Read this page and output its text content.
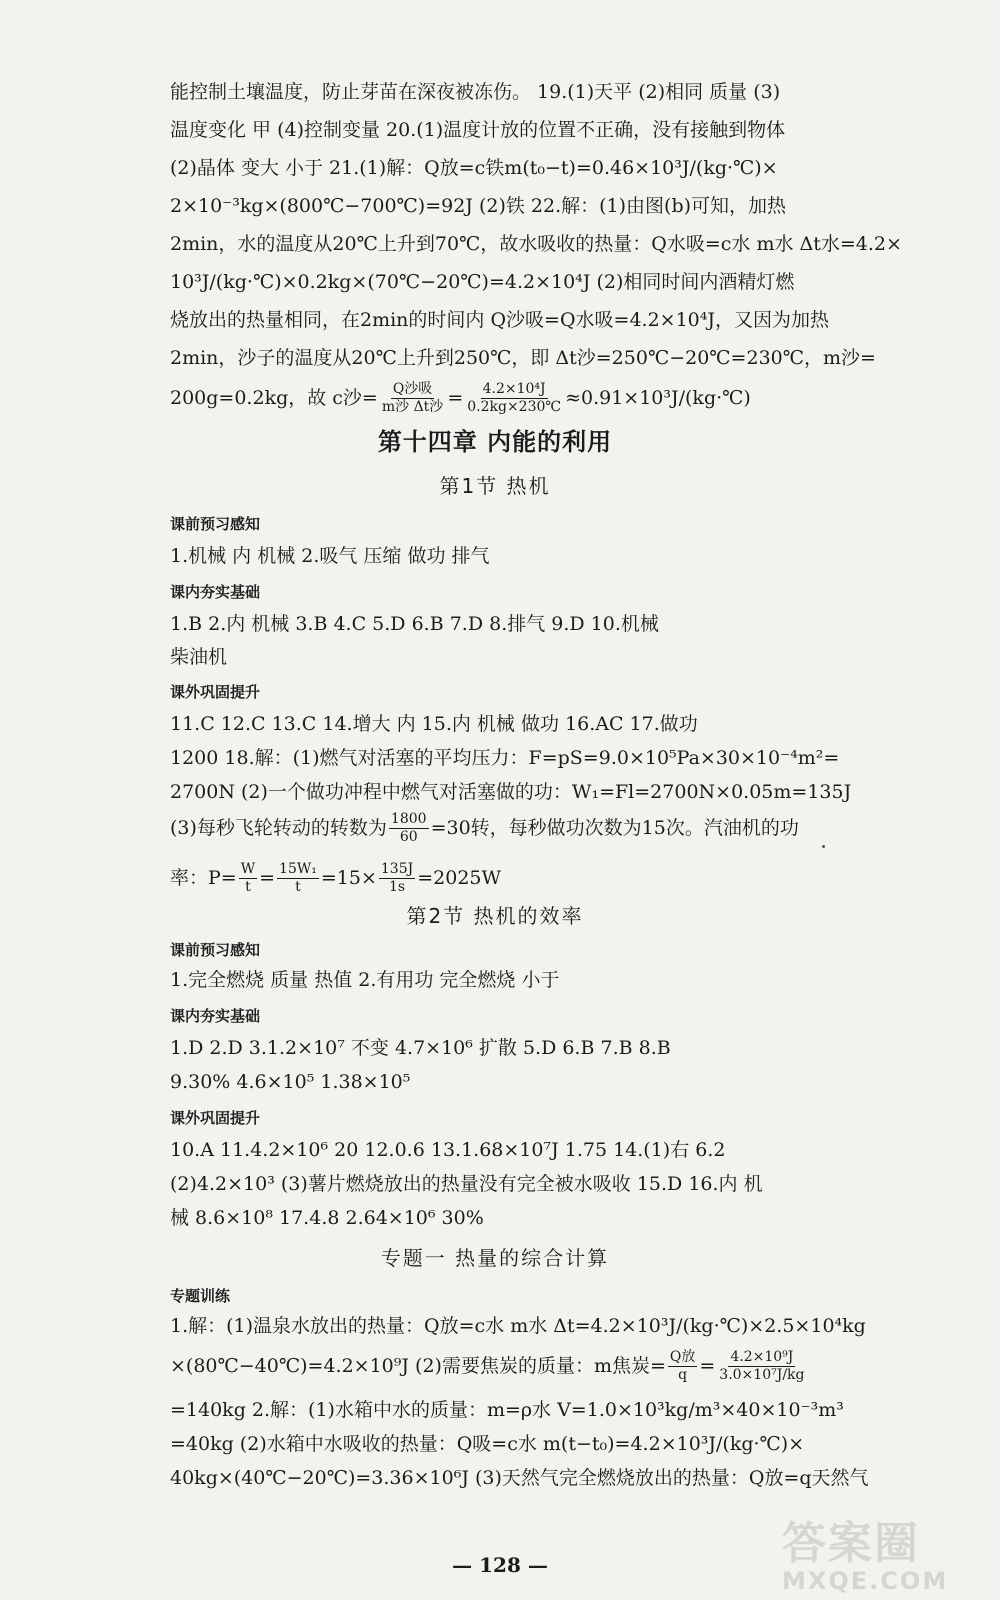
能控制土壤温度，防止芽苗在深夜被冻伤。 19.(1)天平 (2)相同 质量 (3)
温度变化 甲 (4)控制变量 20.(1)温度计放的位置不正确，没有接触到物体
(2)晶体 变大 小于 21.(1)解：Q放=c铁m(t₀−t)=0.46×10³J/(kg·℃)×
2×10⁻³kg×(800℃−700℃)=92J (2)铁 22.解：(1)由图(b)可知，加热
2min，水的温度从20℃上升到70℃，故水吸收的热量：Q水吸=c水 m水 Δt水=4.2×
10³J/(kg·℃)×0.2kg×(70℃−20℃)=4.2×10⁴J (2)相同时间内酒精灯燃
烧放出的热量相同，在2min的时间内 Q沙吸=Q水吸=4.2×10⁴J，又因为加热
2min，沙子的温度从20℃上升到250℃，即 Δt沙=250℃−20℃=230℃，m沙=
200g=0.2kg，故 c沙= $\frac{\text{Q沙吸}}{\text{m沙 Δt沙}} = \frac{\text{4.2×10⁴J}}{0.2kg\times 230℃}$ ≈0.91×10³J/(kg·℃)
第十四章 内能的利用
第1节 热机
课前预习感知
1.机械 内 机械 2.吸气 压缩 做功 排气
课内夯实基础
1.B 2.内 机械 3.B 4.C 5.D 6.B 7.D 8.排气 9.D 10.机械
柴油机
课外巩固提升
11.C 12.C 13.C 14.增大 内 15.内 机械 做功 16.AC 17.做功
1200 18.解：(1)燃气对活塞的平均压力：F=pS=9.0×10⁵Pa×30×10⁻⁴m²=
2700N (2)一个做功冲程中燃气对活塞做的功：W₁=Fl=2700N×0.05m=135J
(3)每秒飞轮转动的转数为 $\frac{1800}{60} =30$转，每秒做功次数为15次。汽油机的功
率：$P= \frac{W}{t} = \frac{\text{15W₁}}{t} =15\times \frac{135J}{1s} =2025W$
第2节 热机的效率
课前预习感知
1.完全燃烧 质量 热值 2.有用功 完全燃烧 小于
课内夯实基础
1.D 2.D 3.1.2×10⁷ 不变 4.7×10⁶ 扩散 5.D 6.B 7.B 8.B
9.30% 4.6×10⁵ 1.38×10⁵
课外巩固提升
10.A 11.4.2×10⁶ 20 12.0.6 13.1.68×10⁷J 1.75 14.(1)右 6.2
(2)4.2×10³ (3)薯片燃烧放出的热量没有完全被水吸收 15.D 16.内 机
械 8.6×10⁸ 17.4.8 2.64×10⁶ 30%
专题一 热量的综合计算
专题训练
1.解：(1)温泉水放出的热量：Q放=c水 m水 Δt=4.2×10³J/(kg·℃)×2.5×10⁴kg
×(80℃−40℃)=4.2×10⁹J (2)需要焦炭的质量：m焦炭= $\frac{\text{Q放}}{q} = \frac{\text{4.2×10⁹J}}{\text{3.0×10⁷J/kg}}$
=140kg 2.解：(1)水箱中水的质量：m=ρ水 V=1.0×10³kg/m³×40×10⁻³m³
=40kg (2)水箱中水吸收的热量：Q吸=c水 m(t−t₀)=4.2×10³J/(kg·℃)×
40kg×(40℃−20℃)=3.36×10⁶J (3)天然气完全燃烧放出的热量：Q放=q天然气
— 128 —	答案圈
MXQE.COM
